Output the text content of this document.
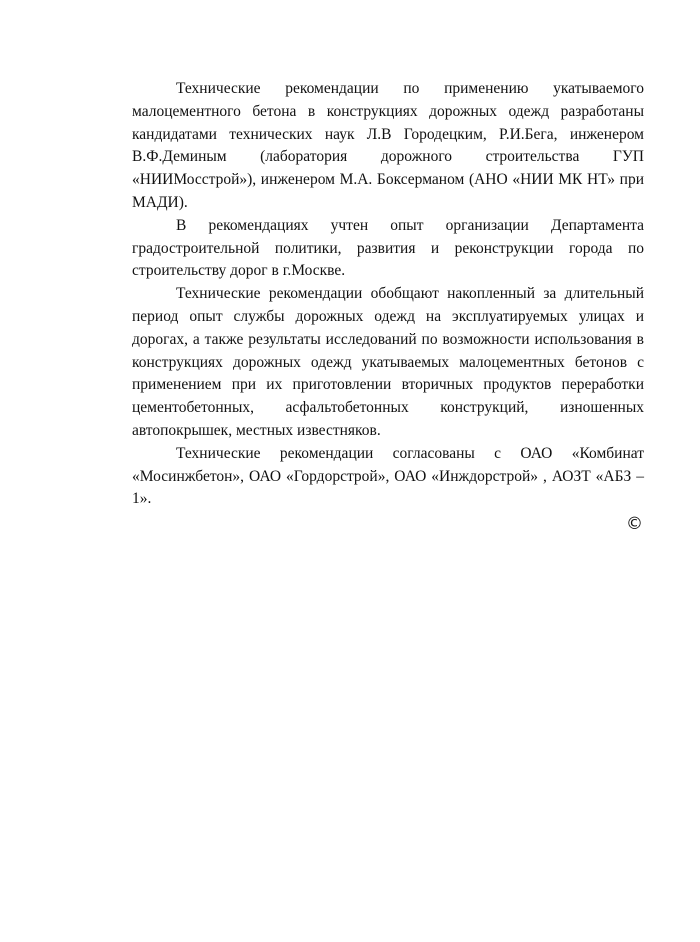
Технические рекомендации по применению укатываемого малоцементного бетона в конструкциях дорожных одежд разработаны кандидатами технических наук Л.В Городецким, Р.И.Бега, инженером В.Ф.Деминым (лаборатория дорожного строительства ГУП «НИИМосстрой»), инженером М.А. Боксерманом (АНО «НИИ МК НТ» при МАДИ).

В рекомендациях учтен опыт организации Департамента градостроительной политики, развития и реконструкции города по строительству дорог в г.Москве.

Технические рекомендации обобщают накопленный за длительный период опыт службы дорожных одежд на эксплуатируемых улицах и дорогах, а также результаты исследований по возможности использования в конструкциях дорожных одежд укатываемых малоцементных бетонов с применением при их приготовлении вторичных продуктов переработки цементобетонных, асфальтобетонных конструкций, изношенных автопокрышек, местных известняков.

Технические рекомендации согласованы с ОАО «Комбинат «Мосинжбетон», ОАО «Гордорстрой», ОАО «Инждорстрой» , АОЗТ «АБЗ – 1».

©
